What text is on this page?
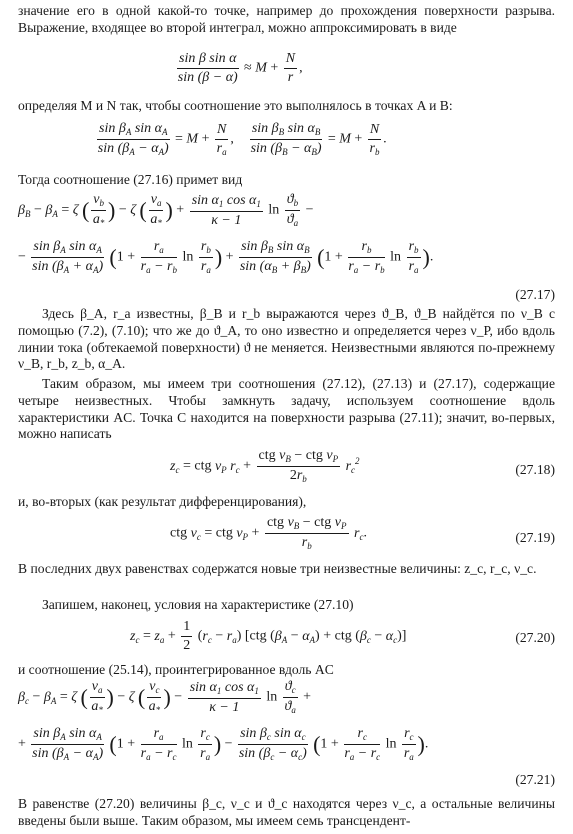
значение его в одной какой-то точке, например до прохождения поверхности разрыва. Выражение, входящее во второй интеграл, можно аппроксимировать в виде

$\frac{\text{sin β sin α}}{\sin (\beta - \alpha)} \approx M + \frac{N}{r}$ ,

определяя M и N так, чтобы соотношение это выполнялось в точках A и B:

$\frac{\sin \beta_A \sin \alpha_A}{\sin (\beta_A - \alpha_A)} = M + \frac{N}{r_a}$ , $\frac{\sin \beta_B \sin \alpha_B}{\sin (\beta_B - \alpha_B)} = M + \frac{N}{r_b}$ .

Тогда соотношение (27.16) примет вид

$\beta_B - \beta_A = \zeta$ ( $\frac{v_b}{a_*}$ ) − ζ ( $\frac{v_a}{a_*}$ ) + $\frac{\sin \alpha_1 \cos \alpha_1}{\kappa - 1}$ $\ln \frac{ϑ_b}{ϑ_a}$ −
− $\frac{\sin \beta_A \sin \alpha_A}{\sin (\beta_A + \alpha_A)} (1 + \frac{r_a}{r_a - r_b}$ $\ln \frac{r_b}{r_a}$ ) + $\frac{\sin \beta_B \sin \alpha_B}{\sin (\alpha_B + \beta_B)} (1 + \frac{r_b}{r_a - r_b}$ $\ln \frac{r_b}{r_a}$ ).
(27.17)

Здесь β_A, r_a известны, β_B и r_b выражаются через ϑ_B, ϑ_B найдётся по ν_B с помощью (7.2), (7.10); что же до ϑ_A, то оно известно и определяется через ν_P, ибо вдоль линии тока (обтекаемой поверхности) ϑ не меняется. Неизвестными являются по-прежнему ν_B, r_b, z_b, α_A.

Таким образом, мы имеем три соотношения (27.12), (27.13) и (27.17), содержащие четыре неизвестных. Чтобы замкнуть задачу, используем соотношение вдоль характеристики AC. Точка C находится на поверхности разрыва (27.11); значит, во-первых, можно написать

$z_c$ = ctg $\nu_P$ $r_c$ +
ctg $\nu_B$ − ctg $\nu_P$
$2r_b$
$r_c^2$
(27.18)

и, во-вторых (как результат дифференцирования),

ctg $\nu_c$ = ctg $\nu_P$ +
ctg $\nu_B$ − ctg $\nu_P$
$r_b$
$r_c$.	(27.19)

В последних двух равенствах содержатся новые три неизвестные величины: z_c, r_c, ν_c.

Запишем, наконец, условия на характеристике (27.10)

$z_c = z_a + \frac{1}{2} (r_c - r_a)$ [ctg $(\beta_A - \alpha_A)$ + ctg $(\beta_c - \alpha_c)$]	(27.20)

и соотношение (25.14), проинтегрированное вдоль AC

$\beta_c - \beta_A = \zeta$ ( $\frac{v_a}{a_*}$ ) − ζ ( $\frac{v_c}{a_*}$ ) − $\frac{\sin \alpha_1 \cos \alpha_1}{\kappa - 1}$ $\ln \frac{ϑ_c}{ϑ_a}$ +
+ $\frac{\sin \beta_A \sin \alpha_A}{\sin (\beta_A - \alpha_A)} (1 + \frac{r_a}{r_a - r_c}$ $\ln \frac{r_c}{r_a}$ ) − $\frac{\sin \beta_c \sin \alpha_c}{\sin (\beta_c - \alpha_c)} (1 + \frac{r_c}{r_a - r_c}$ $\ln \frac{r_c}{r_a}$ ).
(27.21)

В равенстве (27.20) величины β_c, ν_c и ϑ_c находятся через ν_c, а остальные величины введены были выше. Таким образом, мы имеем семь трансцендент-
